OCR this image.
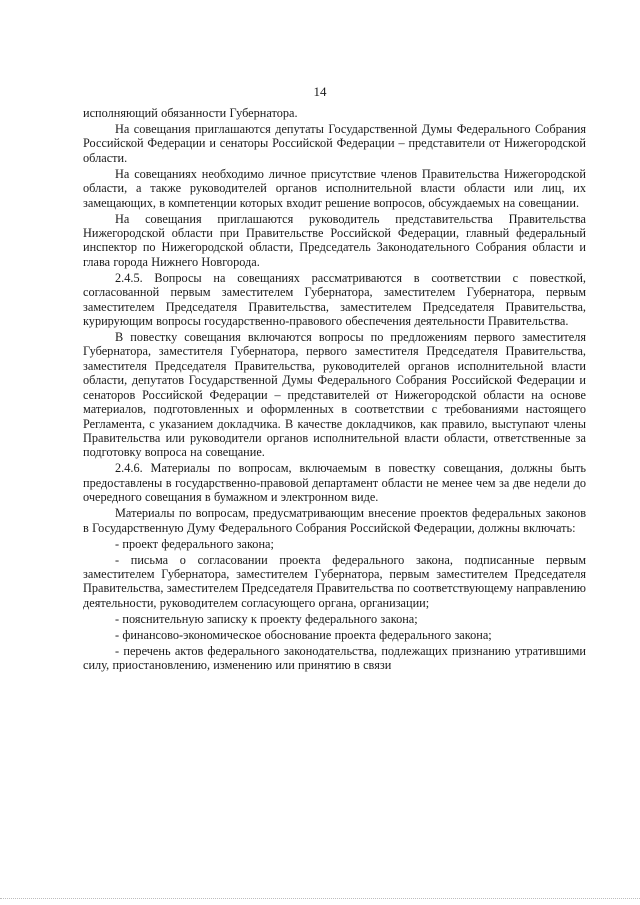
14

исполняющий обязанности Губернатора.

На совещания приглашаются депутаты Государственной Думы Федерального Собрания Российской Федерации и сенаторы Российской Федерации – представители от Нижегородской области.

На совещаниях необходимо личное присутствие членов Правительства Нижегородской области, а также руководителей органов исполнительной власти области или лиц, их замещающих, в компетенции которых входит решение вопросов, обсуждаемых на совещании.

На совещания приглашаются руководитель представительства Правительства Нижегородской области при Правительстве Российской Федерации, главный федеральный инспектор по Нижегородской области, Председатель Законодательного Собрания области и глава города Нижнего Новгорода.

2.4.5. Вопросы на совещаниях рассматриваются в соответствии с повесткой, согласованной первым заместителем Губернатора, заместителем Губернатора, первым заместителем Председателя Правительства, заместителем Председателя Правительства, курирующим вопросы государственно-правового обеспечения деятельности Правительства.

В повестку совещания включаются вопросы по предложениям первого заместителя Губернатора, заместителя Губернатора, первого заместителя Председателя Правительства, заместителя Председателя Правительства, руководителей органов исполнительной власти области, депутатов Государственной Думы Федерального Собрания Российской Федерации и сенаторов Российской Федерации – представителей от Нижегородской области на основе материалов, подготовленных и оформленных в соответствии с требованиями настоящего Регламента, с указанием докладчика. В качестве докладчиков, как правило, выступают члены Правительства или руководители органов исполнительной власти области, ответственные за подготовку вопроса на совещание.

2.4.6. Материалы по вопросам, включаемым в повестку совещания, должны быть предоставлены в государственно-правовой департамент области не менее чем за две недели до очередного совещания в бумажном и электронном виде.

Материалы по вопросам, предусматривающим внесение проектов федеральных законов в Государственную Думу Федерального Собрания Российской Федерации, должны включать:

- проект федерального закона;

- письма о согласовании проекта федерального закона, подписанные первым заместителем Губернатора, заместителем Губернатора, первым заместителем Председателя Правительства, заместителем Председателя Правительства по соответствующему направлению деятельности, руководителем согласующего органа, организации;

- пояснительную записку к проекту федерального закона;

- финансово-экономическое обоснование проекта федерального закона;

- перечень актов федерального законодательства, подлежащих признанию утратившими силу, приостановлению, изменению или принятию в связи
